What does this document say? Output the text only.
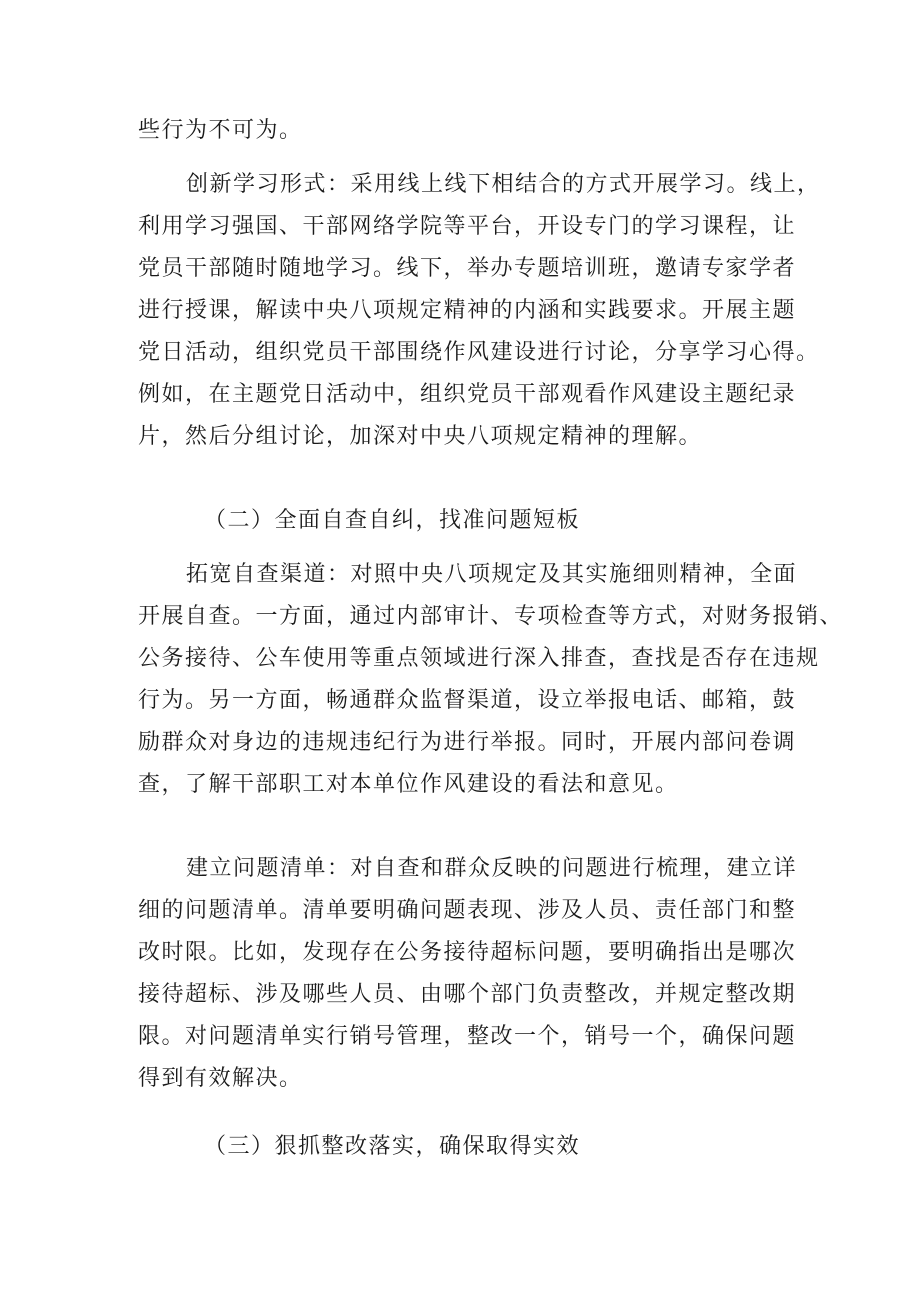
些行为不可为。
创新学习形式：采用线上线下相结合的方式开展学习。线上，
利用学习强国、干部网络学院等平台，开设专门的学习课程，让
党员干部随时随地学习。线下，举办专题培训班，邀请专家学者
进行授课，解读中央八项规定精神的内涵和实践要求。开展主题
党日活动，组织党员干部围绕作风建设进行讨论，分享学习心得。
例如，在主题党日活动中，组织党员干部观看作风建设主题纪录
片，然后分组讨论，加深对中央八项规定精神的理解。
（二）全面自查自纠，找准问题短板
拓宽自查渠道：对照中央八项规定及其实施细则精神，全面
开展自查。一方面，通过内部审计、专项检查等方式，对财务报销、
公务接待、公车使用等重点领域进行深入排查，查找是否存在违规
行为。另一方面，畅通群众监督渠道，设立举报电话、邮箱，鼓
励群众对身边的违规违纪行为进行举报。同时，开展内部问卷调
查，了解干部职工对本单位作风建设的看法和意见。
建立问题清单：对自查和群众反映的问题进行梳理，建立详
细的问题清单。清单要明确问题表现、涉及人员、责任部门和整
改时限。比如，发现存在公务接待超标问题，要明确指出是哪次
接待超标、涉及哪些人员、由哪个部门负责整改，并规定整改期
限。对问题清单实行销号管理，整改一个，销号一个，确保问题
得到有效解决。
（三）狠抓整改落实，确保取得实效
